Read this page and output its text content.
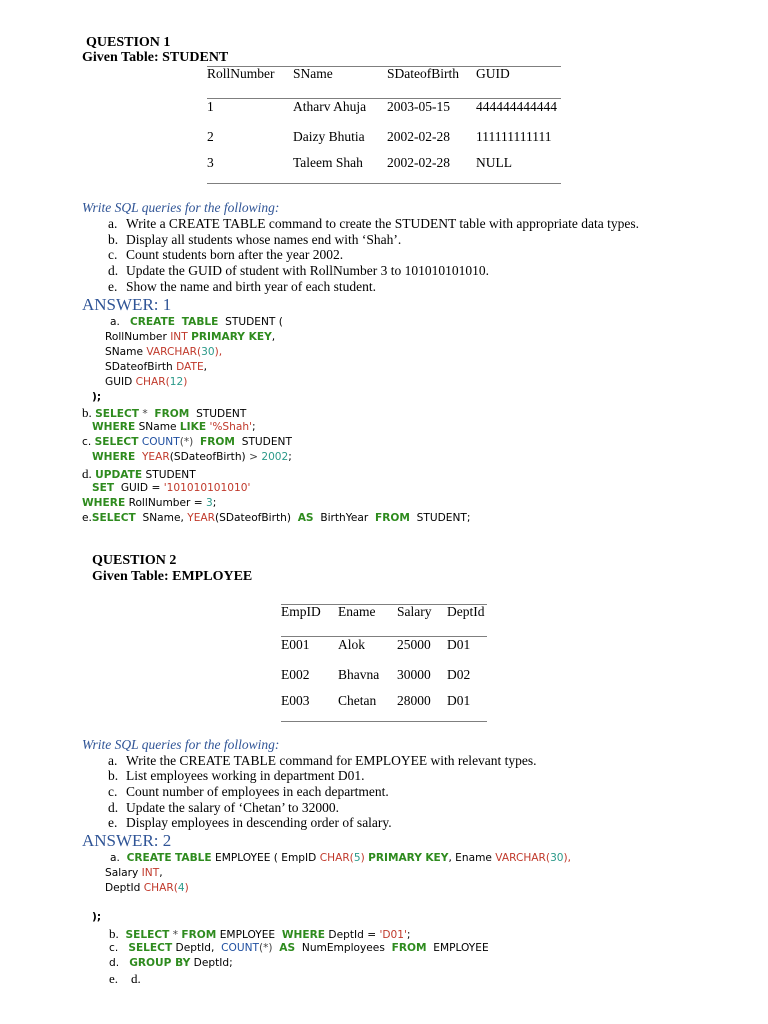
QUESTION 1
Given Table: STUDENT
RollNumber SName	SDateofBirth GUID
1	Atharv Ahuja 2003-05-15 444444444444
2	Daizy Bhutia 2002-02-28 111111111111
3	Taleem Shah 2002-02-28 NULL
Write SQL queries for the following:
a. Write a CREATE TABLE command to create the STUDENT table with appropriate data types.
b. Display all students whose names end with ‘Shah’.
c. Count students born after the year 2002.
d. Update the GUID of student with RollNumber 3 to 101010101010.
e. Show the name and birth year of each student.
ANSWER: 1
a. CREATE TABLE STUDENT (
RollNumber INT PRIMARY KEY,
SName VARCHAR(30),
SDateofBirth DATE,
GUID CHAR(12)
);
b. SELECT * FROM STUDENT
WHERE SName LIKE '%Shah';
c. SELECT COUNT(*) FROM STUDENT
WHERE YEAR(SDateofBirth) > 2002;
d. UPDATE STUDENT
SET GUID = '101010101010'
WHERE RollNumber = 3;
e.SELECT SName, YEAR(SDateofBirth) AS BirthYear FROM STUDENT;
QUESTION 2
Given Table: EMPLOYEE
EmpID Ename Salary DeptId
E001 Alok 25000 D01
E002 Bhavna 30000 D02
E003 Chetan 28000 D01
Write SQL queries for the following:
a. Write the CREATE TABLE command for EMPLOYEE with relevant types.
b. List employees working in department D01.
c. Count number of employees in each department.
d. Update the salary of ‘Chetan’ to 32000.
e. Display employees in descending order of salary.
ANSWER: 2
a. CREATE TABLE EMPLOYEE ( EmpID CHAR(5) PRIMARY KEY, Ename VARCHAR(30),
Salary INT,
DeptId CHAR(4)
);
b. SELECT * FROM EMPLOYEE WHERE DeptId = 'D01';
c. SELECT DeptId, COUNT(*) AS NumEmployees FROM EMPLOYEE
d. GROUP BY DeptId;
e. d.
